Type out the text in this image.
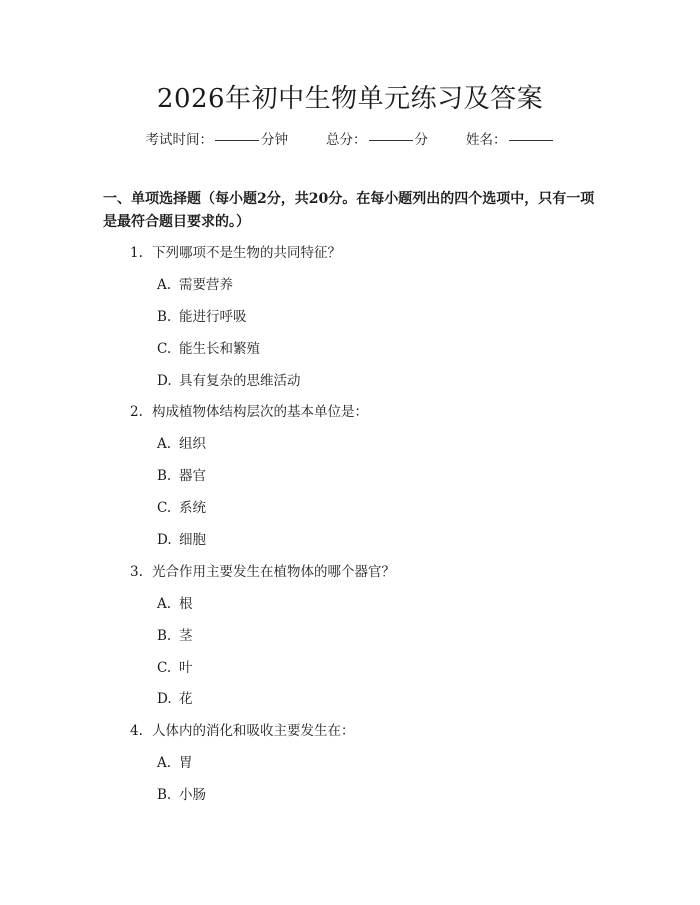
2026年初中生物单元练习及答案
考试时间：	分钟	总分：	分	姓名：
一、单项选择题（每小题2分，共20分。在每小题列出的四个选项中，只有一项是最符合题目要求的。）
1. 下列哪项不是生物的共同特征？
A. 需要营养
B. 能进行呼吸
C. 能生长和繁殖
D. 具有复杂的思维活动
2. 构成植物体结构层次的基本单位是：
A. 组织
B. 器官
C. 系统
D. 细胞
3. 光合作用主要发生在植物体的哪个器官？
A. 根
B. 茎
C. 叶
D. 花
4. 人体内的消化和吸收主要发生在：
A. 胃
B. 小肠
